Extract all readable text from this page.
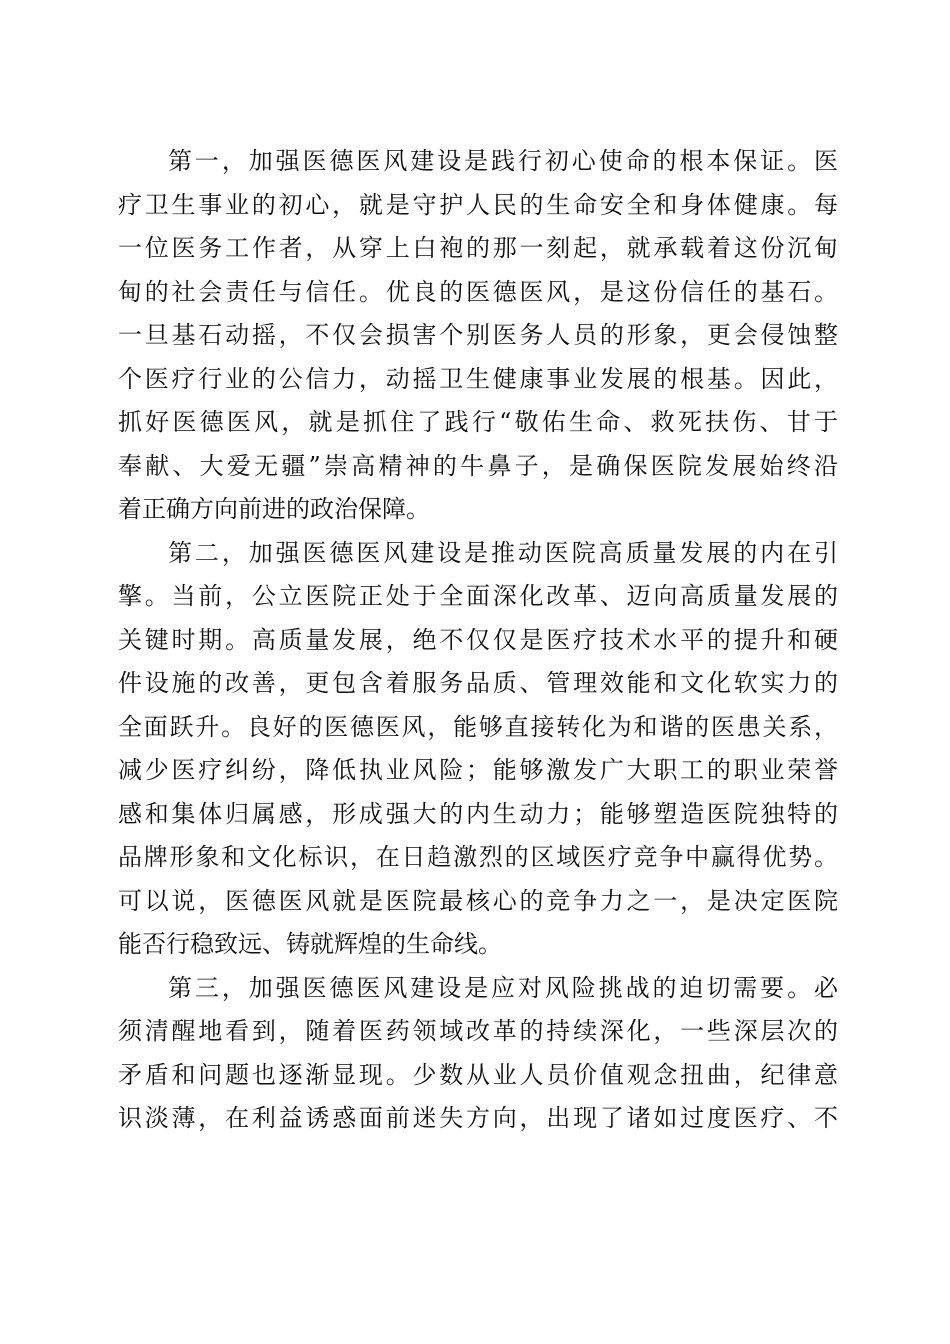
第一，加强医德医风建设是践行初心使命的根本保证。医
疗卫生事业的初心，就是守护人民的生命安全和身体健康。每
一位医务工作者，从穿上白袍的那一刻起，就承载着这份沉甸
甸的社会责任与信任。优良的医德医风，是这份信任的基石。
一旦基石动摇，不仅会损害个别医务人员的形象，更会侵蚀整
个医疗行业的公信力，动摇卫生健康事业发展的根基。因此，
抓好医德医风，就是抓住了践行“敬佑生命、救死扶伤、甘于
奉献、大爱无疆”崇高精神的牛鼻子，是确保医院发展始终沿
着正确方向前进的政治保障。
第二，加强医德医风建设是推动医院高质量发展的内在引
擎。当前，公立医院正处于全面深化改革、迈向高质量发展的
关键时期。高质量发展，绝不仅仅是医疗技术水平的提升和硬
件设施的改善，更包含着服务品质、管理效能和文化软实力的
全面跃升。良好的医德医风，能够直接转化为和谐的医患关系，
减少医疗纠纷，降低执业风险；能够激发广大职工的职业荣誉
感和集体归属感，形成强大的内生动力；能够塑造医院独特的
品牌形象和文化标识，在日趋激烈的区域医疗竞争中赢得优势。
可以说，医德医风就是医院最核心的竞争力之一，是决定医院
能否行稳致远、铸就辉煌的生命线。
第三，加强医德医风建设是应对风险挑战的迫切需要。必
须清醒地看到，随着医药领域改革的持续深化，一些深层次的
矛盾和问题也逐渐显现。少数从业人员价值观念扭曲，纪律意
识淡薄，在利益诱惑面前迷失方向，出现了诸如过度医疗、不
